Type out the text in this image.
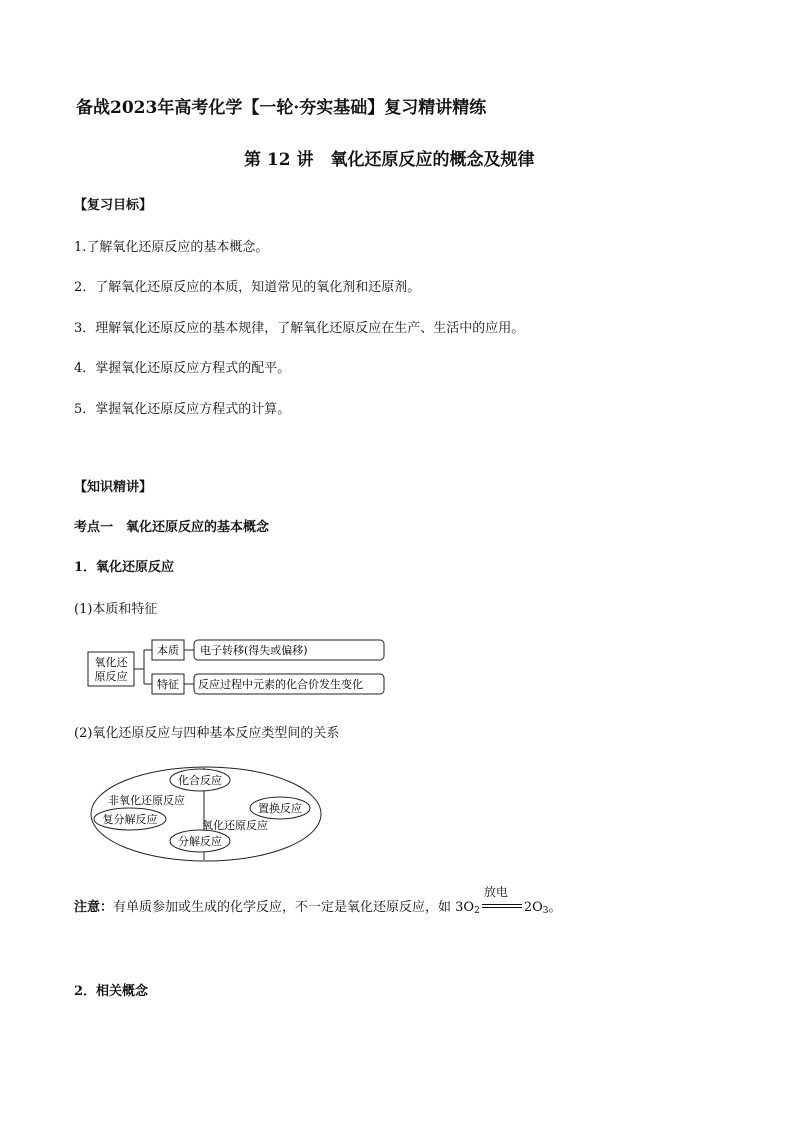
备战2023年高考化学【一轮·夯实基础】复习精讲精练
第 12 讲　氧化还原反应的概念及规律
【复习目标】
1.了解氧化还原反应的基本概念。
2．了解氧化还原反应的本质，知道常见的氧化剂和还原剂。
3．理解氧化还原反应的基本规律，了解氧化还原反应在生产、生活中的应用。
4．掌握氧化还原反应方程式的配平。
5．掌握氧化还原反应方程式的计算。
【知识精讲】
考点一　氧化还原反应的基本概念
1．氧化还原反应
(1)本质和特征
氧化还
原反应
本质 电子转移(得失或偏移)
特征 反应过程中元素的化合价发生变化
(2)氧化还原反应与四种基本反应类型间的关系
化合反应
非氧化还原反应
置换反应
复分解反应	氧化还原反应
分解反应
注意：有单质参加或生成的化学反应，不一定是氧化还原反应，如 $3O_2$
放电
$2O_3$。
2．相关概念
